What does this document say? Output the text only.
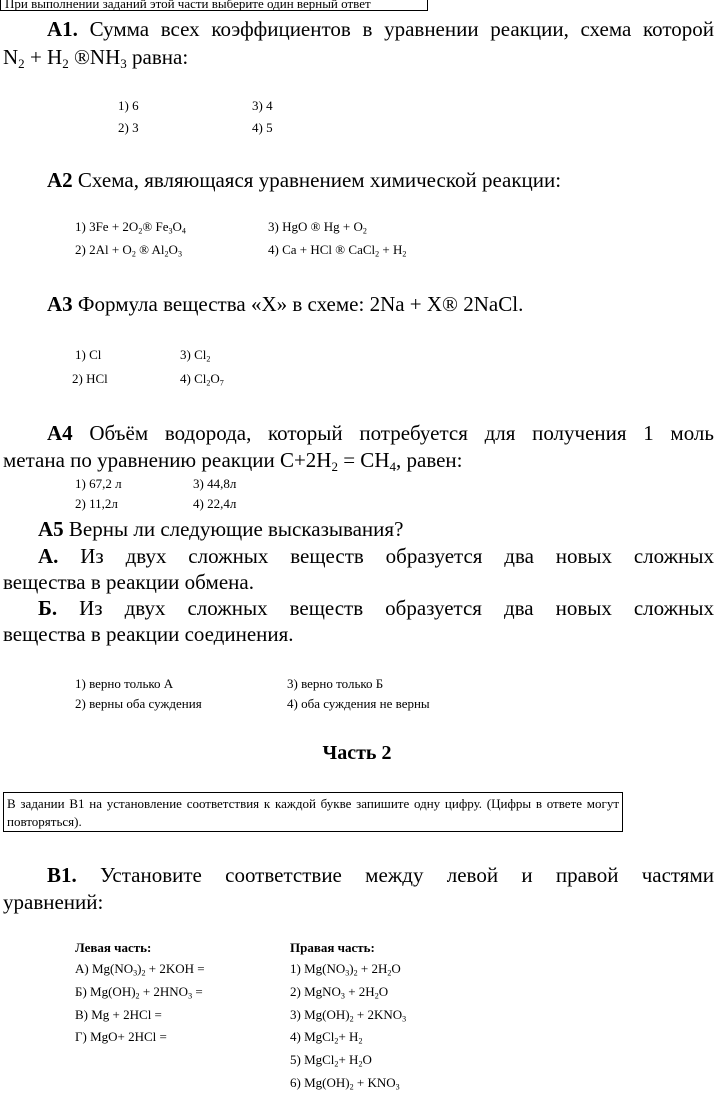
При выполнении заданий этой части выберите один верный ответ
А1. Сумма всех коэффициентов в уравнении реакции, схема которой
$N_2 + H_2$ $®NH_3$ равна:
1) 6
2) 3
3) 4
4) 5
А2 Схема, являющаяся уравнением химической реакции:
1) $3Fe + 2O_2®$ $Fe_3O_4$
2) $2Al + O_2$ ® $Al_2O_3$
3) HgO ® $Hg + O_2$
4) Ca + HCl ® CaCl$_2$ + $H_2$
А3 Формула вещества «Х» в схеме: 2Na + X® 2NaCl.
1) Cl
2) HCl
3) $Cl_2$
4) $Cl_2O_7$
А4 Объём водорода, который потребуется для получения 1 моль
метана по уравнению реакции $С+2Н_2 = СН_4$, равен:
1) 67,2 л
2) 11,2л
3) 44,8л
4) 22,4л
А5 Верны ли следующие высказывания?
А. Из двух сложных веществ образуется два новых сложных
вещества в реакции обмена.
Б. Из двух сложных веществ образуется два новых сложных
вещества в реакции соединения.
1) верно только А
2) верны оба суждения
3) верно только Б
4) оба суждения не верны
Часть 2
В задании В1 на установление соответствия к каждой букве запишите одну цифру. (Цифры в ответе могут повторяться).
В1. Установите соответствие между левой и правой частями
уравнений:
Левая часть:	Правая часть:
А) $Mg(NO_3)_2 + 2KOH$ =
Б) $Mg(OH)_2 + 2HNO_3$ =
В) Mg + 2HCl =
Г) MgO+ 2HCl =
1) $Mg(NO_3)_2 + 2H_2O$
2) MgNO$_3$ + $2H_2O$
3) $Mg(OH)_2 + 2KNO_3$
4) MgCl$_2$+ $H_2$
5) MgCl$_2$+ $H_2O$
6) $Mg(OH)_2 + KNO_3$
